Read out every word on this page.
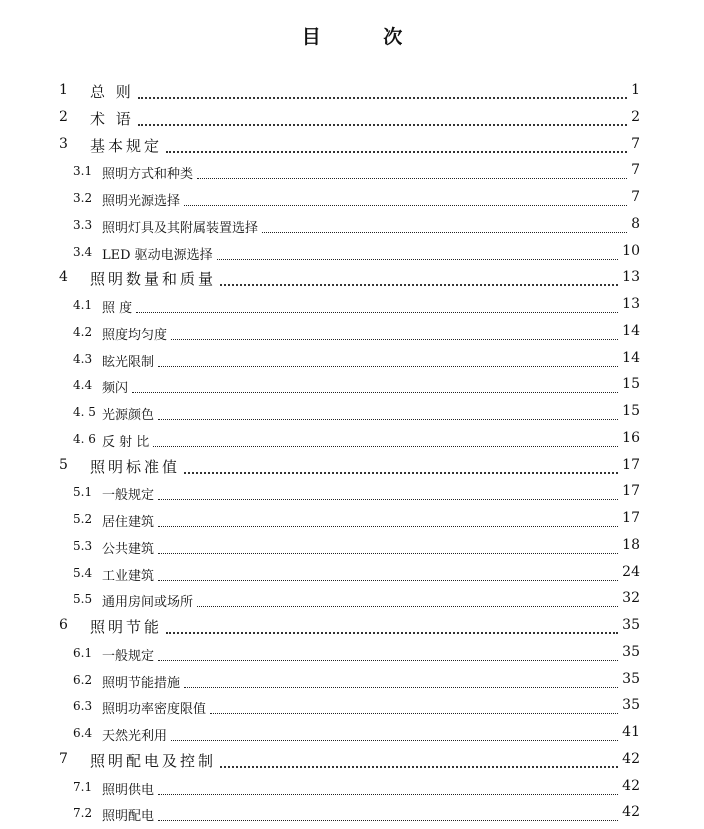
目 次
1 总 则	1
2 术 语	2
3 基本规定	7
3.1 照明方式和种类	7
3.2 照明光源选择	7
3.3 照明灯具及其附属装置选择	8
3.4 LED 驱动电源选择	10
4 照明数量和质量	13
4.1 照 度	13
4.2 照度均匀度	14
4.3 眩光限制	14
4.4 频闪	15
4. 5 光源颜色	15
4. 6 反 射 比	16
5 照明标准值	17
5.1 一般规定	17
5.2 居住建筑	17
5.3 公共建筑	18
5.4 工业建筑	24
5.5 通用房间或场所	32
6 照明节能	35
6.1 一般规定	35
6.2 照明节能措施	35
6.3 照明功率密度限值	35
6.4 天然光利用	41
7 照明配电及控制	42
7.1 照明供电	42
7.2 照明配电	42
